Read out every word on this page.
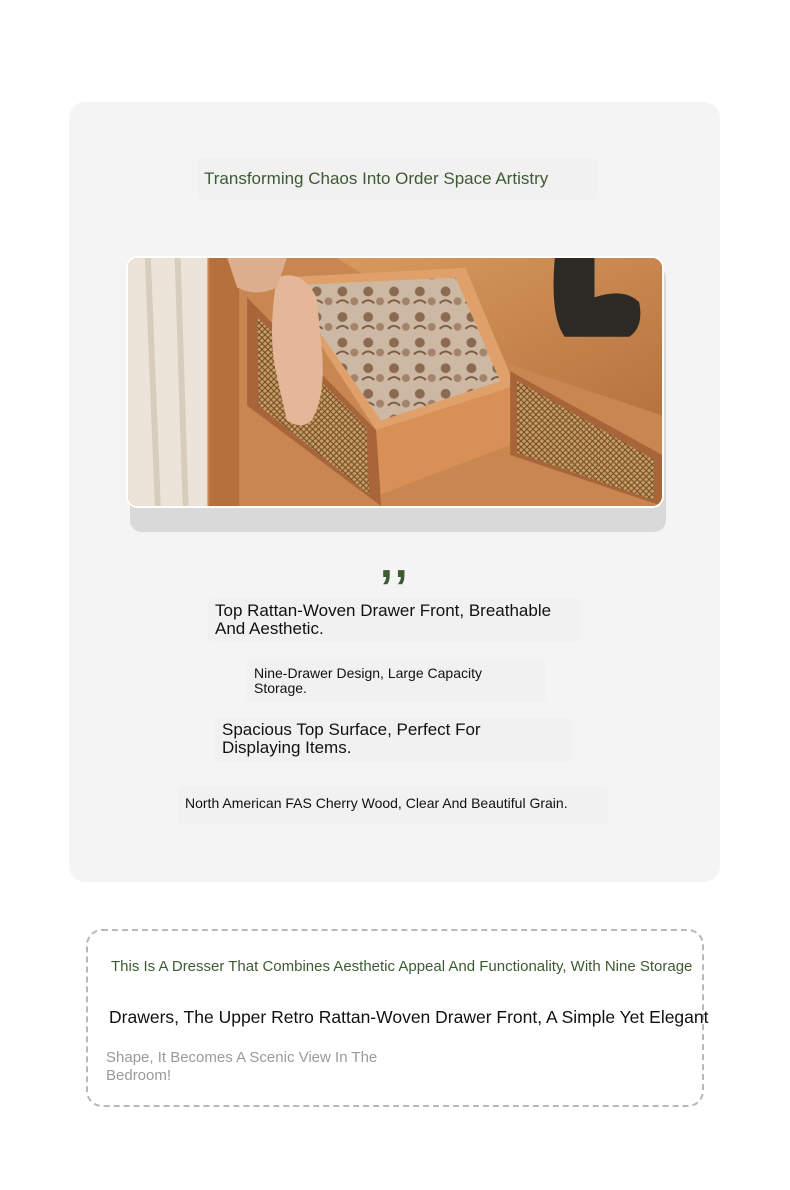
Transforming Chaos Into Order Space Artistry
,,
Top Rattan-Woven Drawer Front, Breathable And Aesthetic.
Nine-Drawer Design, Large Capacity Storage.
Spacious Top Surface, Perfect For Displaying Items.
North American FAS Cherry Wood, Clear And Beautiful Grain.
This Is A Dresser That Combines Aesthetic Appeal And Functionality, With Nine Storage
Drawers, The Upper Retro Rattan-Woven Drawer Front, A Simple Yet Elegant
Shape, It Becomes A Scenic View In The Bedroom!
